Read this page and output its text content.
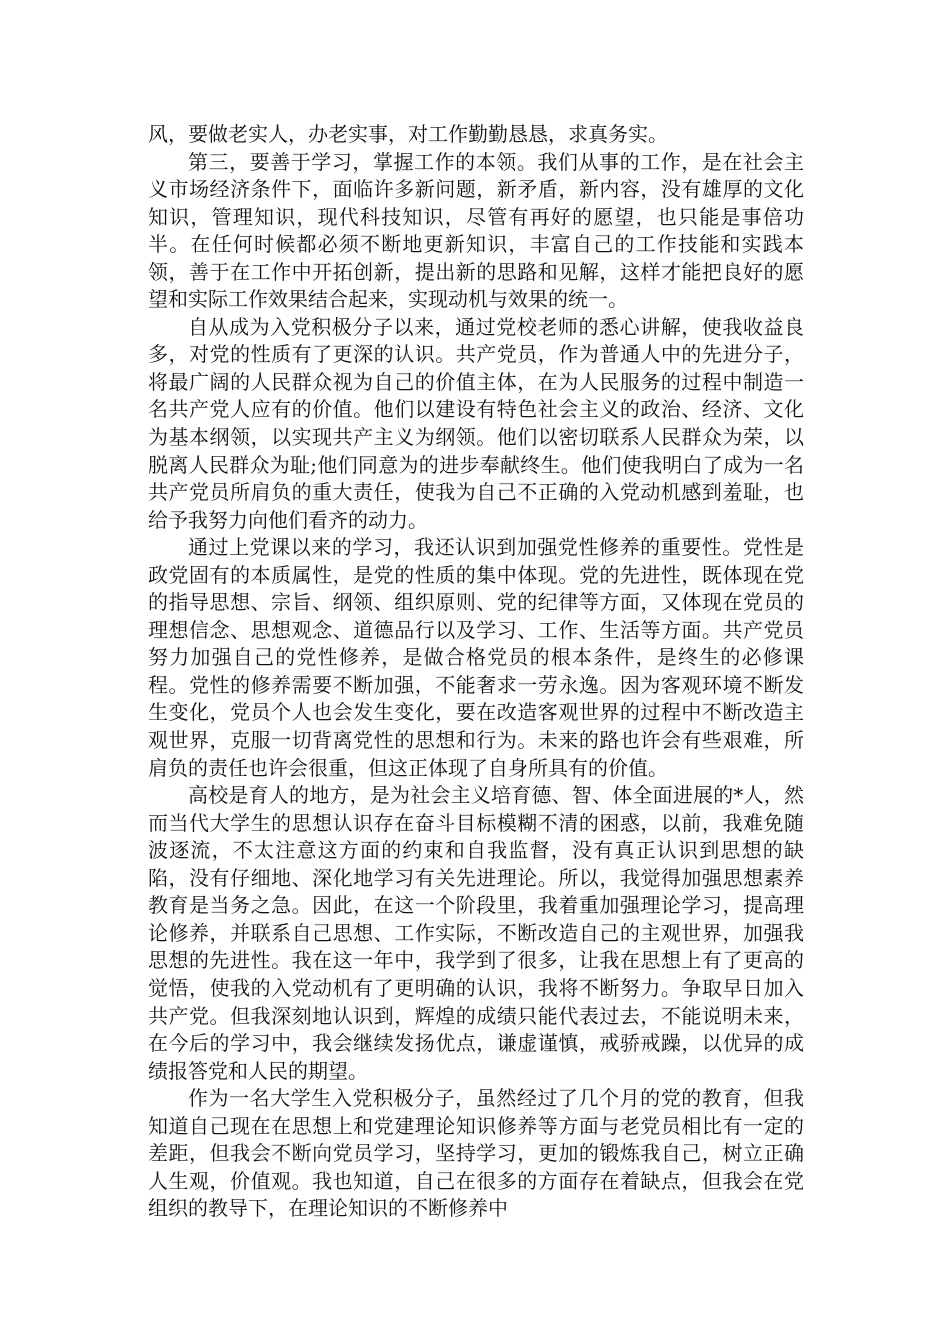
风，要做老实人，办老实事，对工作勤勤恳恳，求真务实。

第三，要善于学习，掌握工作的本领。我们从事的工作，是在社会主义市场经济条件下，面临许多新问题，新矛盾，新内容，没有雄厚的文化知识，管理知识，现代科技知识，尽管有再好的愿望，也只能是事倍功半。在任何时候都必须不断地更新知识，丰富自己的工作技能和实践本领，善于在工作中开拓创新，提出新的思路和见解，这样才能把良好的愿望和实际工作效果结合起来，实现动机与效果的统一。

自从成为入党积极分子以来，通过党校老师的悉心讲解，使我收益良多，对党的性质有了更深的认识。共产党员，作为普通人中的先进分子，将最广阔的人民群众视为自己的价值主体，在为人民服务的过程中制造一名共产党人应有的价值。他们以建设有特色社会主义的政治、经济、文化为基本纲领，以实现共产主义为纲领。他们以密切联系人民群众为荣，以脱离人民群众为耻;他们同意为的进步奉献终生。他们使我明白了成为一名共产党员所肩负的重大责任，使我为自己不正确的入党动机感到羞耻，也给予我努力向他们看齐的动力。

通过上党课以来的学习，我还认识到加强党性修养的重要性。党性是政党固有的本质属性，是党的性质的集中体现。党的先进性，既体现在党的指导思想、宗旨、纲领、组织原则、党的纪律等方面，又体现在党员的理想信念、思想观念、道德品行以及学习、工作、生活等方面。共产党员努力加强自己的党性修养，是做合格党员的根本条件，是终生的必修课程。党性的修养需要不断加强，不能奢求一劳永逸。因为客观环境不断发生变化，党员个人也会发生变化，要在改造客观世界的过程中不断改造主观世界，克服一切背离党性的思想和行为。未来的路也许会有些艰难，所肩负的责任也许会很重，但这正体现了自身所具有的价值。

高校是育人的地方，是为社会主义培育德、智、体全面进展的*人，然而当代大学生的思想认识存在奋斗目标模糊不清的困惑，以前，我难免随波逐流，不太注意这方面的约束和自我监督，没有真正认识到思想的缺陷，没有仔细地、深化地学习有关先进理论。所以，我觉得加强思想素养教育是当务之急。因此，在这一个阶段里，我着重加强理论学习，提高理论修养，并联系自己思想、工作实际，不断改造自己的主观世界，加强我思想的先进性。我在这一年中，我学到了很多，让我在思想上有了更高的觉悟，使我的入党动机有了更明确的认识，我将不断努力。争取早日加入共产党。但我深刻地认识到，辉煌的成绩只能代表过去，不能说明未来，在今后的学习中，我会继续发扬优点，谦虚谨慎，戒骄戒躁，以优异的成绩报答党和人民的期望。

作为一名大学生入党积极分子，虽然经过了几个月的党的教育，但我知道自己现在在思想上和党建理论知识修养等方面与老党员相比有一定的差距，但我会不断向党员学习，坚持学习，更加的锻炼我自己，树立正确人生观，价值观。我也知道，自己在很多的方面存在着缺点，但我会在党组织的教导下，在理论知识的不断修养中
